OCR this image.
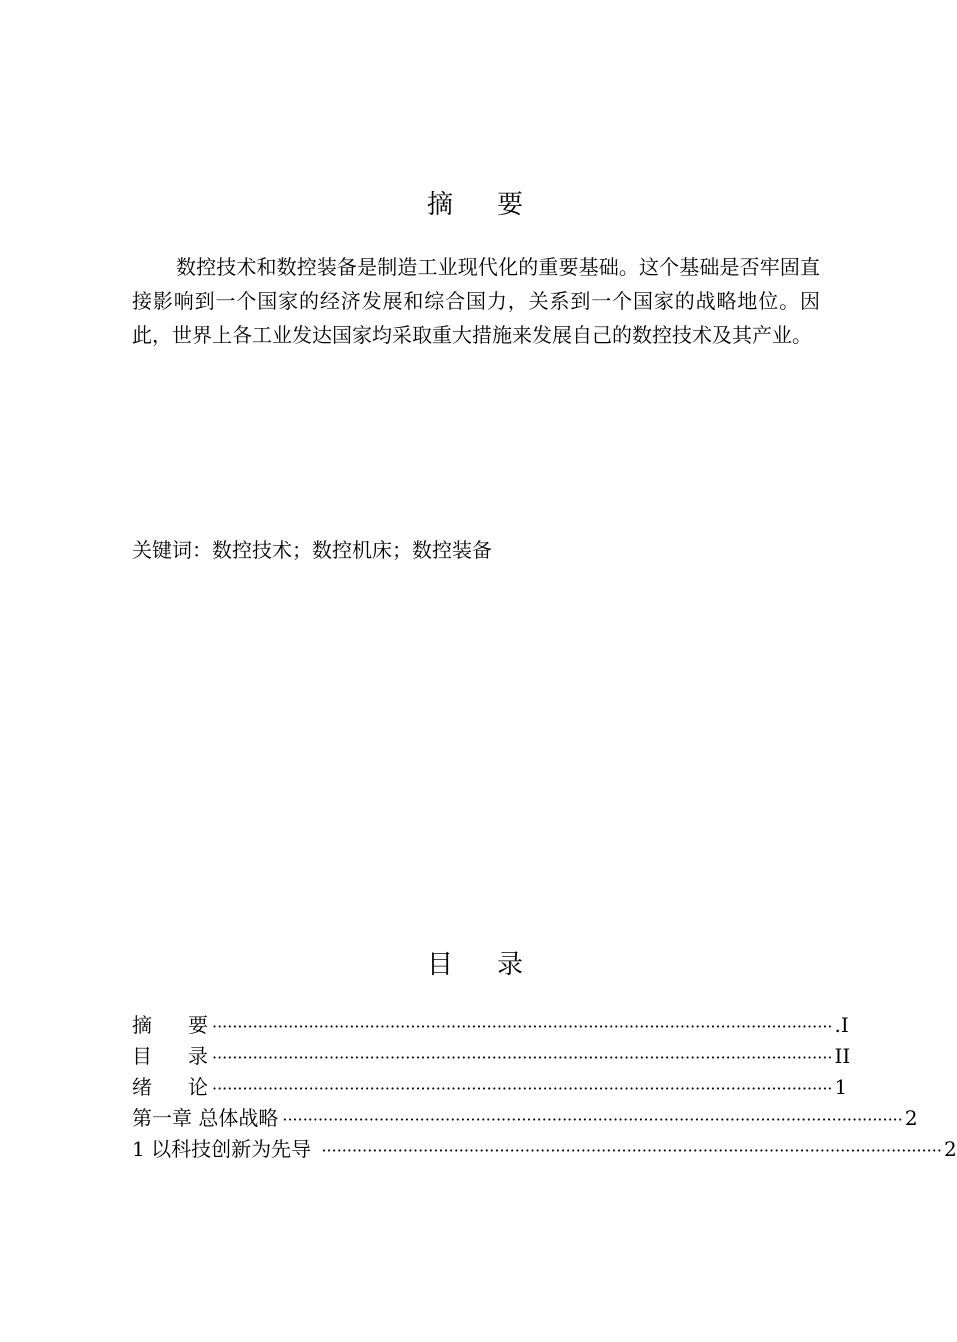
摘 要
数控技术和数控装备是制造工业现代化的重要基础。这个基础是否牢固直接影响到一个国家的经济发展和综合国力，关系到一个国家的战略地位。因此，世界上各工业发达国家均采取重大措施来发展自己的数控技术及其产业。
关键词：数控技术；数控机床；数控装备
目 录
摘 要 ·························································································································· .I
目 录 ·························································································································· II
绪 论 ·························································································································· 1
第一章 总体战略 ·························································································································· 2
1 以科技创新为先导 ·························································································································· 2
